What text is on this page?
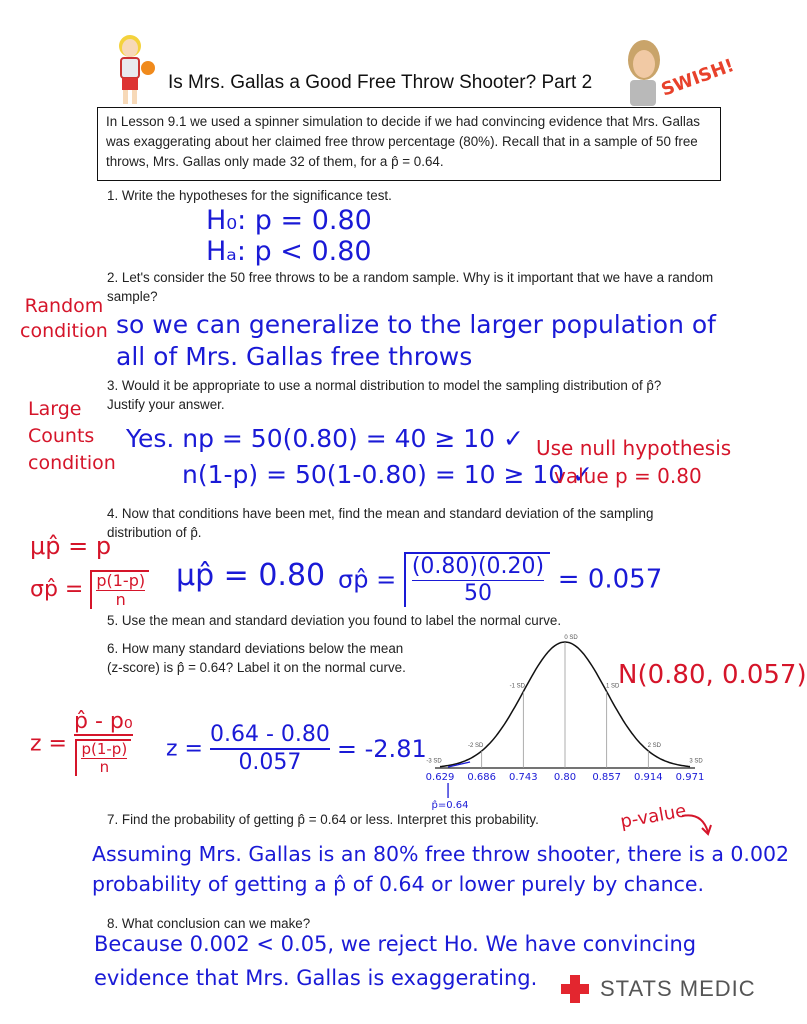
Is Mrs. Gallas a Good Free Throw Shooter? Part 2	SWISH!
In Lesson 9.1 we used a spinner simulation to decide if we had convincing evidence that Mrs. Gallas was exaggerating about her claimed free throw percentage (80%). Recall that in a sample of 50 free throws, Mrs. Gallas only made 32 of them, for a p̂ = 0.64.
1. Write the hypotheses for the significance test.
H₀: p = 0.80
Hₐ: p < 0.80
2. Let's consider the 50 free throws to be a random sample. Why is it important that we have a random sample?
Random
condition so we can generalize to the larger population of
all of Mrs. Gallas free throws
3. Would it be appropriate to use a normal distribution to model the sampling distribution of p̂? Justify your answer.
Large
Counts
condition
Yes. np = 50(0.80) = 40 ≥ 10 ✓
n(1-p) = 50(1-0.80) = 10 ≥ 10 ✓
Use null hypothesis
value p = 0.80
4. Now that conditions have been met, find the mean and standard deviation of the sampling distribution of p̂.
μp̂ = p
σp̂ = $\frac{p(1-p)}{n}$ μp̂ = 0.80 σp̂ = $\frac{(0.80)(0.20)}{50} = 0.057$
5. Use the mean and standard deviation you found to label the normal curve.
6. How many standard deviations below the mean (z-score) is p̂ = 0.64? Label it on the normal curve.
z =
p̂ - p₀
$\frac{p(1-p)}{n}$ $z = \frac{0.64 - 0.80}{0.057} = -2.81$ -3 SD
0.629
-2 SD
0.686
-1 SD
0.743
0 SD
0.80
1 SD
0.857
2 SD
0.914
3 SD
0.971
p̂=0.64
N(0.80, 0.057)
7. Find the probability of getting p̂ = 0.64 or less. Interpret this probability.	p-value
Assuming Mrs. Gallas is an 80% free throw shooter, there is a 0.002
probability of getting a p̂ of 0.64 or lower purely by chance.
8. What conclusion can we make?
Because 0.002 < 0.05, we reject Ho. We have convincing
evidence that Mrs. Gallas is exaggerating.	STATS MEDIC
